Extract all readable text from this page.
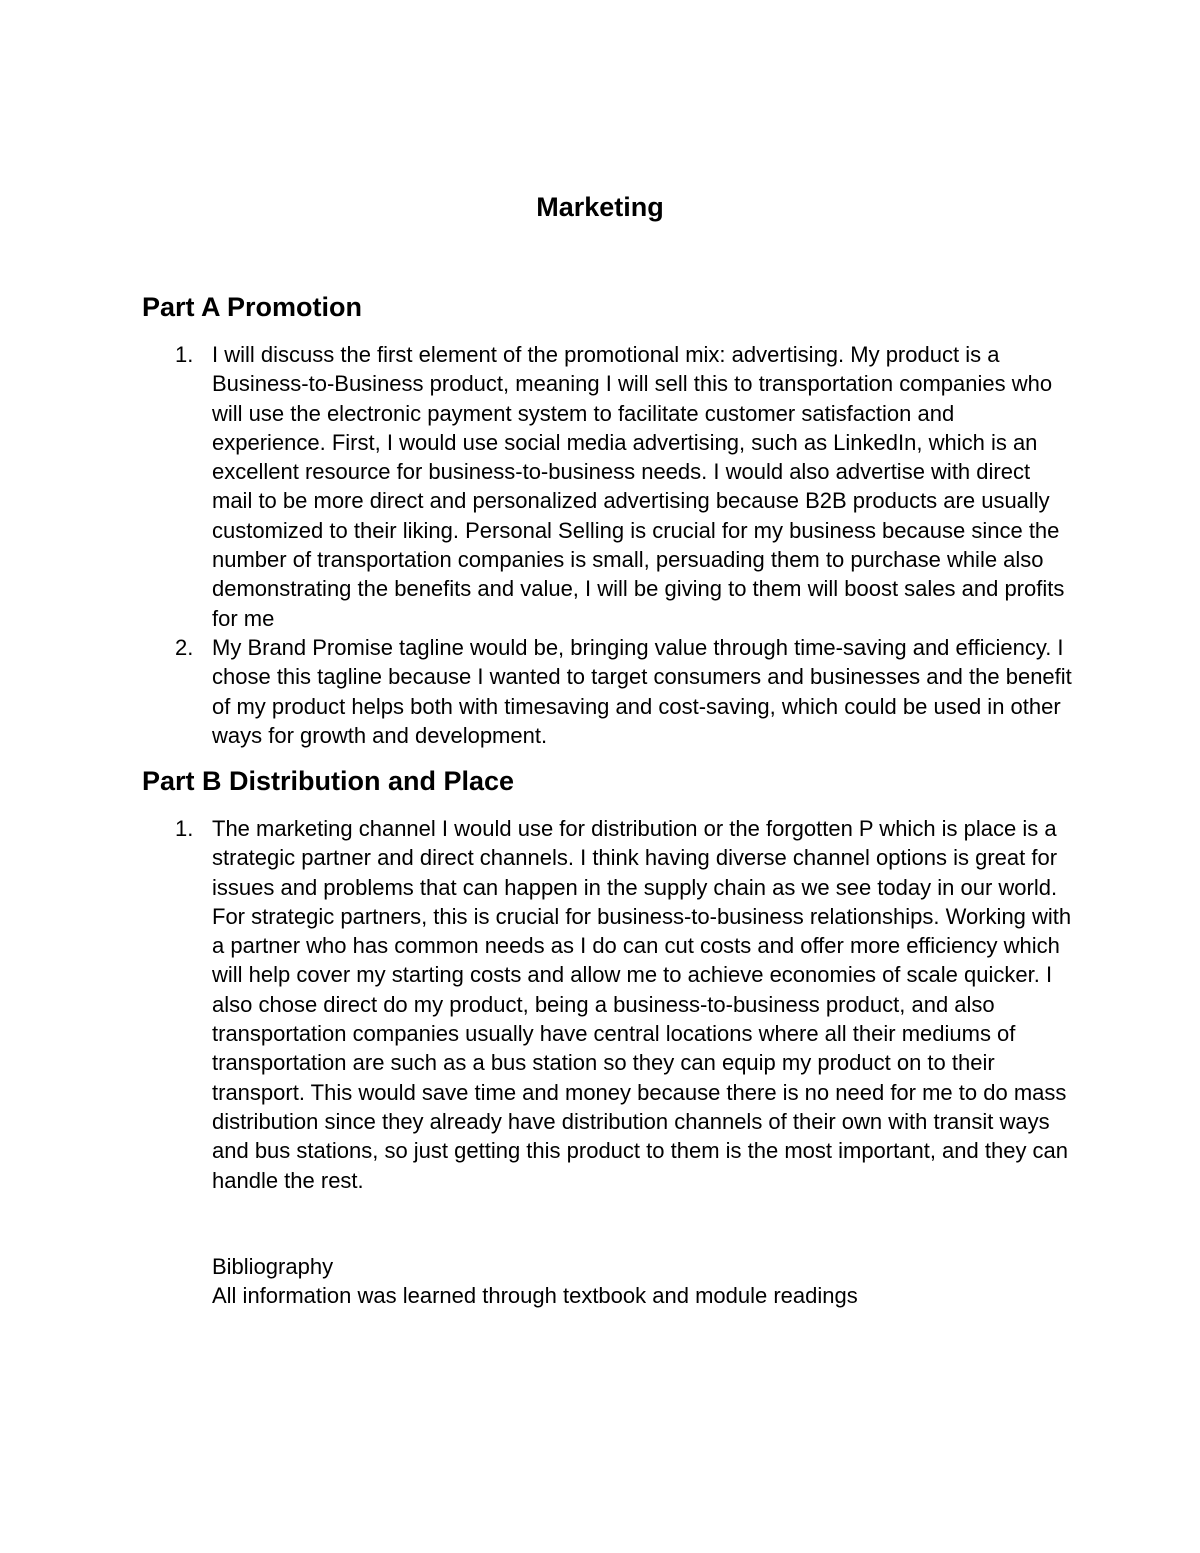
Marketing
Part A Promotion
1. I will discuss the first element of the promotional mix: advertising. My product is a Business-to-Business product, meaning I will sell this to transportation companies who will use the electronic payment system to facilitate customer satisfaction and experience. First, I would use social media advertising, such as LinkedIn, which is an excellent resource for business-to-business needs. I would also advertise with direct mail to be more direct and personalized advertising because B2B products are usually customized to their liking. Personal Selling is crucial for my business because since the number of transportation companies is small, persuading them to purchase while also demonstrating the benefits and value, I will be giving to them will boost sales and profits for me
2. My Brand Promise tagline would be, bringing value through time-saving and efficiency. I chose this tagline because I wanted to target consumers and businesses and the benefit of my product helps both with timesaving and cost-saving, which could be used in other ways for growth and development.
Part B Distribution and Place
1. The marketing channel I would use for distribution or the forgotten P which is place is a strategic partner and direct channels. I think having diverse channel options is great for issues and problems that can happen in the supply chain as we see today in our world. For strategic partners, this is crucial for business-to-business relationships. Working with a partner who has common needs as I do can cut costs and offer more efficiency which will help cover my starting costs and allow me to achieve economies of scale quicker. I also chose direct do my product, being a business-to-business product, and also transportation companies usually have central locations where all their mediums of transportation are such as a bus station so they can equip my product on to their transport. This would save time and money because there is no need for me to do mass distribution since they already have distribution channels of their own with transit ways and bus stations, so just getting this product to them is the most important, and they can handle the rest.

Bibliography

All information was learned through textbook and module readings
